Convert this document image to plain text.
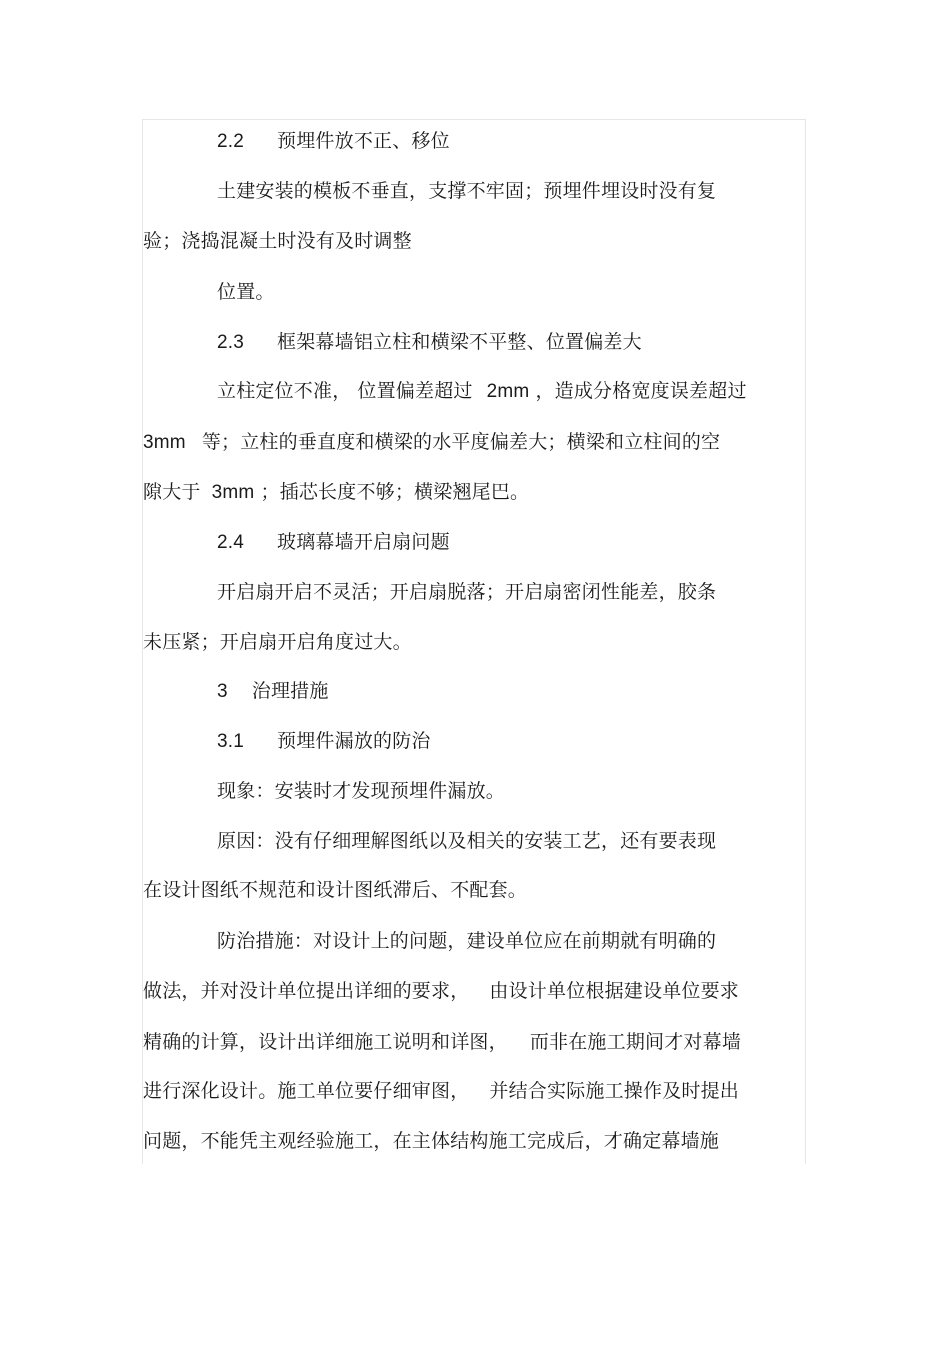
2.2 预埋件放不正、移位
土建安装的模板不垂直，支撑不牢固；预埋件埋设时没有复
验；浇捣混凝土时没有及时调整
位置。
2.3 框架幕墙铝立柱和横梁不平整、位置偏差大
立柱定位不准， 位置偏差超过 2mm ，造成分格宽度误差超过
3mm 等；立柱的垂直度和横梁的水平度偏差大；横梁和立柱间的空
隙大于 3mm ；插芯长度不够；横梁翘尾巴。
2.4 玻璃幕墙开启扇问题
开启扇开启不灵活；开启扇脱落；开启扇密闭性能差，胶条
未压紧；开启扇开启角度过大。
3 治理措施
3.1 预埋件漏放的防治
现象：安装时才发现预埋件漏放。
原因：没有仔细理解图纸以及相关的安装工艺，还有要表现
在设计图纸不规范和设计图纸滞后、不配套。
防治措施：对设计上的问题，建设单位应在前期就有明确的
做法，并对没计单位提出详细的要求， 由设计单位根据建设单位要求
精确的计算，设计出详细施工说明和详图， 而非在施工期间才对幕墙
进行深化设计。施工单位要仔细审图， 并结合实际施工操作及时提出
问题，不能凭主观经验施工，在主体结构施工完成后，才确定幕墙施
